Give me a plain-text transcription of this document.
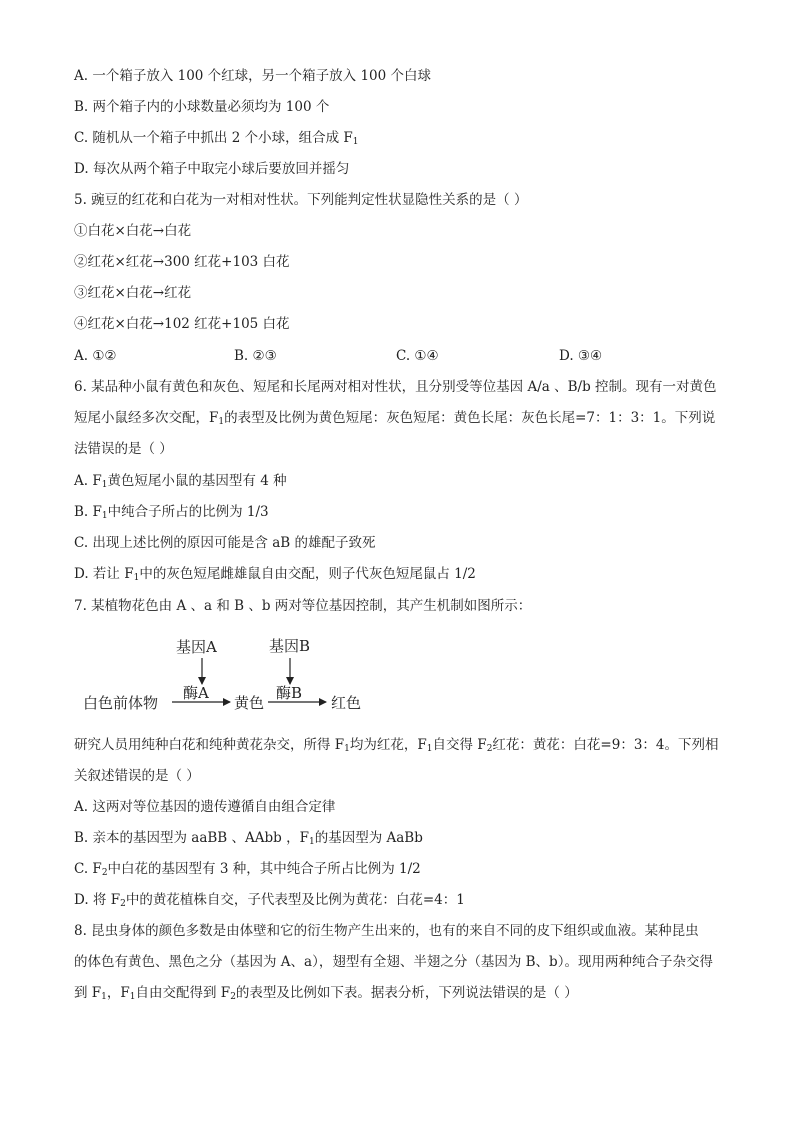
A. 一个箱子放入 100 个红球，另一个箱子放入 100 个白球
B. 两个箱子内的小球数量必须均为 100 个
C. 随机从一个箱子中抓出 2 个小球，组合成 $F_1$
D. 每次从两个箱子中取完小球后要放回并摇匀
5. 豌豆的红花和白花为一对相对性状。下列能判定性状显隐性关系的是（ ）
①白花×白花→白花
②红花×红花→300 红花+103 白花
③红花×白花→红花
④红花×白花→102 红花+105 白花
A. ①②	B. ②③	C. ①④	D. ③④
6. 某品种小鼠有黄色和灰色、短尾和长尾两对相对性状，且分别受等位基因 A/a 、B/b 控制。现有一对黄色
短尾小鼠经多次交配，$F_1$的表型及比例为黄色短尾：灰色短尾：黄色长尾：灰色长尾=7：1：3：1。下列说
法错误的是（ ）
A. $F_1$黄色短尾小鼠的基因型有 4 种
B. $F_1$中纯合子所占的比例为 1/3
C. 出现上述比例的原因可能是含 aB 的雄配子致死
D. 若让 $F_1$中的灰色短尾雌雄鼠自由交配，则子代灰色短尾鼠占 1/2
7. 某植物花色由 A 、a 和 B 、b 两对等位基因控制，其产生机制如图所示：
基因A	基因B
酶A	酶B
白色前体物	黄色	红色
研究人员用纯种白花和纯种黄花杂交，所得 $F_1$均为红花，$F_1$自交得 $F_2$红花：黄花：白花=9：3：4。下列相
关叙述错误的是（ ）
A. 这两对等位基因的遗传遵循自由组合定律
B. 亲本的基因型为 aaBB 、AAbb ，$F_1$的基因型为 AaBb
C. $F_2$中白花的基因型有 3 种，其中纯合子所占比例为 1/2
D. 将 $F_2$中的黄花植株自交，子代表型及比例为黄花：白花=4：1
8. 昆虫身体的颜色多数是由体壁和它的衍生物产生出来的，也有的来自不同的皮下组织或血液。某种昆虫
的体色有黄色、黑色之分（基因为 A、a），翅型有全翅、半翅之分（基因为 B、b）。现用两种纯合子杂交得
到 $F_1$，$F_1$自由交配得到 $F_2$的表型及比例如下表。据表分析，下列说法错误的是（ ）
